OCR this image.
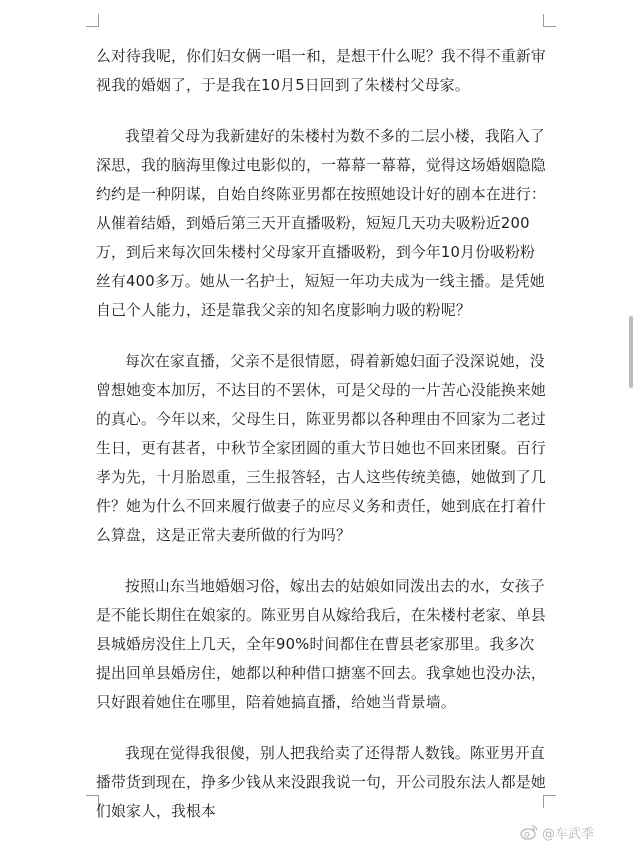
么对待我呢，你们妇女俩一唱一和，是想干什么呢？我不得不重新审视我的婚姻了，于是我在10月5日回到了朱楼村父母家。

我望着父母为我新建好的朱楼村为数不多的二层小楼，我陷入了深思，我的脑海里像过电影似的，一幕幕一幕幕，觉得这场婚姻隐隐约约是一种阴谋，自始自终陈亚男都在按照她设计好的剧本在进行：从催着结婚，到婚后第三天开直播吸粉，短短几天功夫吸粉近200万，到后来每次回朱楼村父母家开直播吸粉，到今年10月份吸粉粉丝有400多万。她从一名护士，短短一年功夫成为一线主播。是凭她自己个人能力，还是靠我父亲的知名度影响力吸的粉呢？

每次在家直播，父亲不是很情愿，碍着新媳妇面子没深说她，没曾想她变本加厉，不达目的不罢休，可是父母的一片苦心没能换来她的真心。今年以来，父母生日，陈亚男都以各种理由不回家为二老过生日，更有甚者，中秋节全家团圆的重大节日她也不回来团聚。百行孝为先，十月胎恩重，三生报答轻，古人这些传统美德，她做到了几件？她为什么不回来履行做妻子的应尽义务和责任，她到底在打着什么算盘，这是正常夫妻所做的行为吗？

按照山东当地婚姻习俗，嫁出去的姑娘如同泼出去的水，女孩子是不能长期住在娘家的。陈亚男自从嫁给我后，在朱楼村老家、单县县城婚房没住上几天，全年90%时间都住在曹县老家那里。我多次提出回单县婚房住，她都以种种借口搪塞不回去。我拿她也没办法，只好跟着她住在哪里，陪着她搞直播，给她当背景墙。

我现在觉得我很傻，别人把我给卖了还得帮人数钱。陈亚男开直播带货到现在，挣多少钱从来没跟我说一句，开公司股东法人都是她们娘家人，我根本

@车武季
